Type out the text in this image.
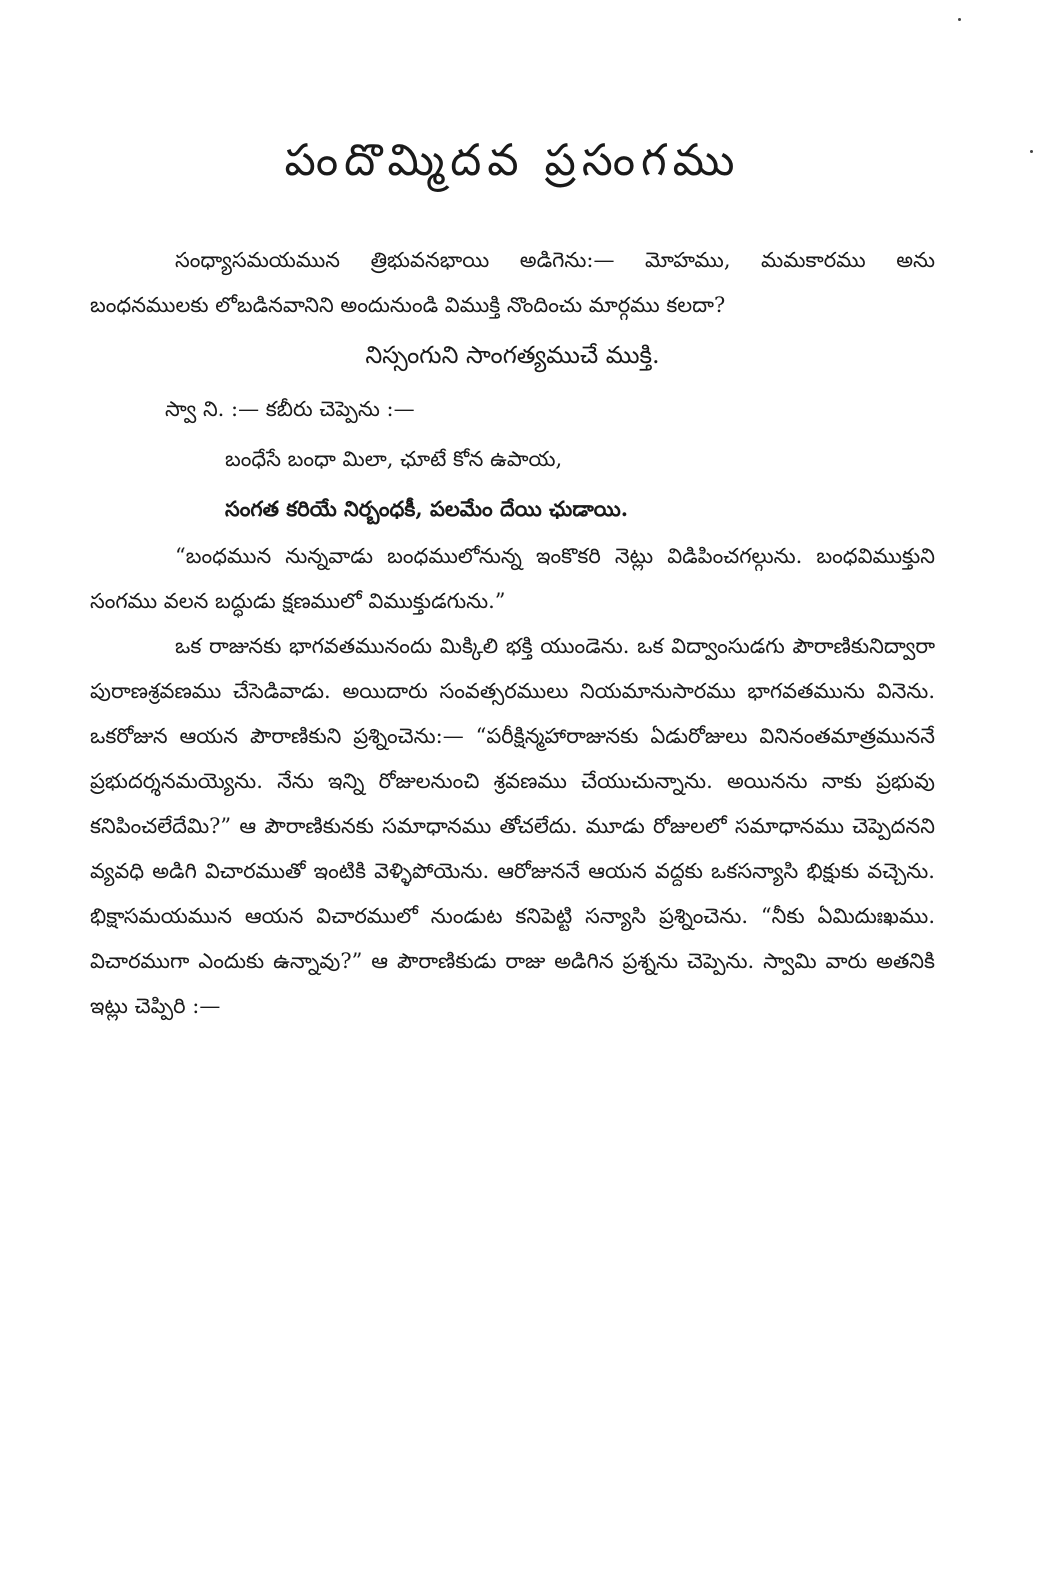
పందొమ్మిదవ ప్రసంగము

సంధ్యాసమయమున త్రిభువనభాయి అడిగెను:— మోహము, మమకారము అను బంధనములకు లోబడినవానిని అందునుండి విముక్తి నొందించు మార్గము కలదా?

నిస్సంగుని సాంగత్యముచే ముక్తి.

స్వా ని. :— కబీరు చెప్పెను :—

బంధేసే బంధా మిలా, ఛూటే కోన ఉపాయ,

సంగత కరియే నిర్బంధకీ, పలమేం దేయి ఛుడాయి.

“బంధమున నున్నవాడు బంధములోనున్న ఇంకొకరి నెట్లు విడిపించగల్గును. బంధవిముక్తుని సంగము వలన బద్ధుడు క్షణములో విముక్తుడగును.”

ఒక రాజునకు భాగవతమునందు మిక్కిలి భక్తి యుండెను. ఒక విద్వాంసుడగు పౌరాణికునిద్వారా పురాణశ్రవణము చేసెడివాడు. అయిదారు సంవత్సరములు నియమానుసారము భాగవతమును వినెను. ఒకరోజున ఆయన పౌరాణికుని ప్రశ్నించెను:— “పరీక్షిన్మహారాజునకు ఏడురోజులు వినినంతమాత్రముననే ప్రభుదర్శనమయ్యెను. నేను ఇన్ని రోజులనుంచి శ్రవణము చేయుచున్నాను. అయినను నాకు ప్రభువు కనిపించలేదేమి?” ఆ పౌరాణికునకు సమాధానము తోచలేదు. మూడు రోజులలో సమాధానము చెప్పెదనని వ్యవధి అడిగి విచారముతో ఇంటికి వెళ్ళిపోయెను. ఆరోజుననే ఆయన వద్దకు ఒకసన్యాసి భిక్షుకు వచ్చెను. భిక్షాసమయమున ఆయన విచారములో నుండుట కనిపెట్టి సన్యాసి ప్రశ్నించెను. “నీకు ఏమిదుఃఖము. విచారముగా ఎందుకు ఉన్నావు?” ఆ పౌరాణికుడు రాజు అడిగిన ప్రశ్నను చెప్పెను. స్వామి వారు అతనికి ఇట్లు చెప్పిరి :—
